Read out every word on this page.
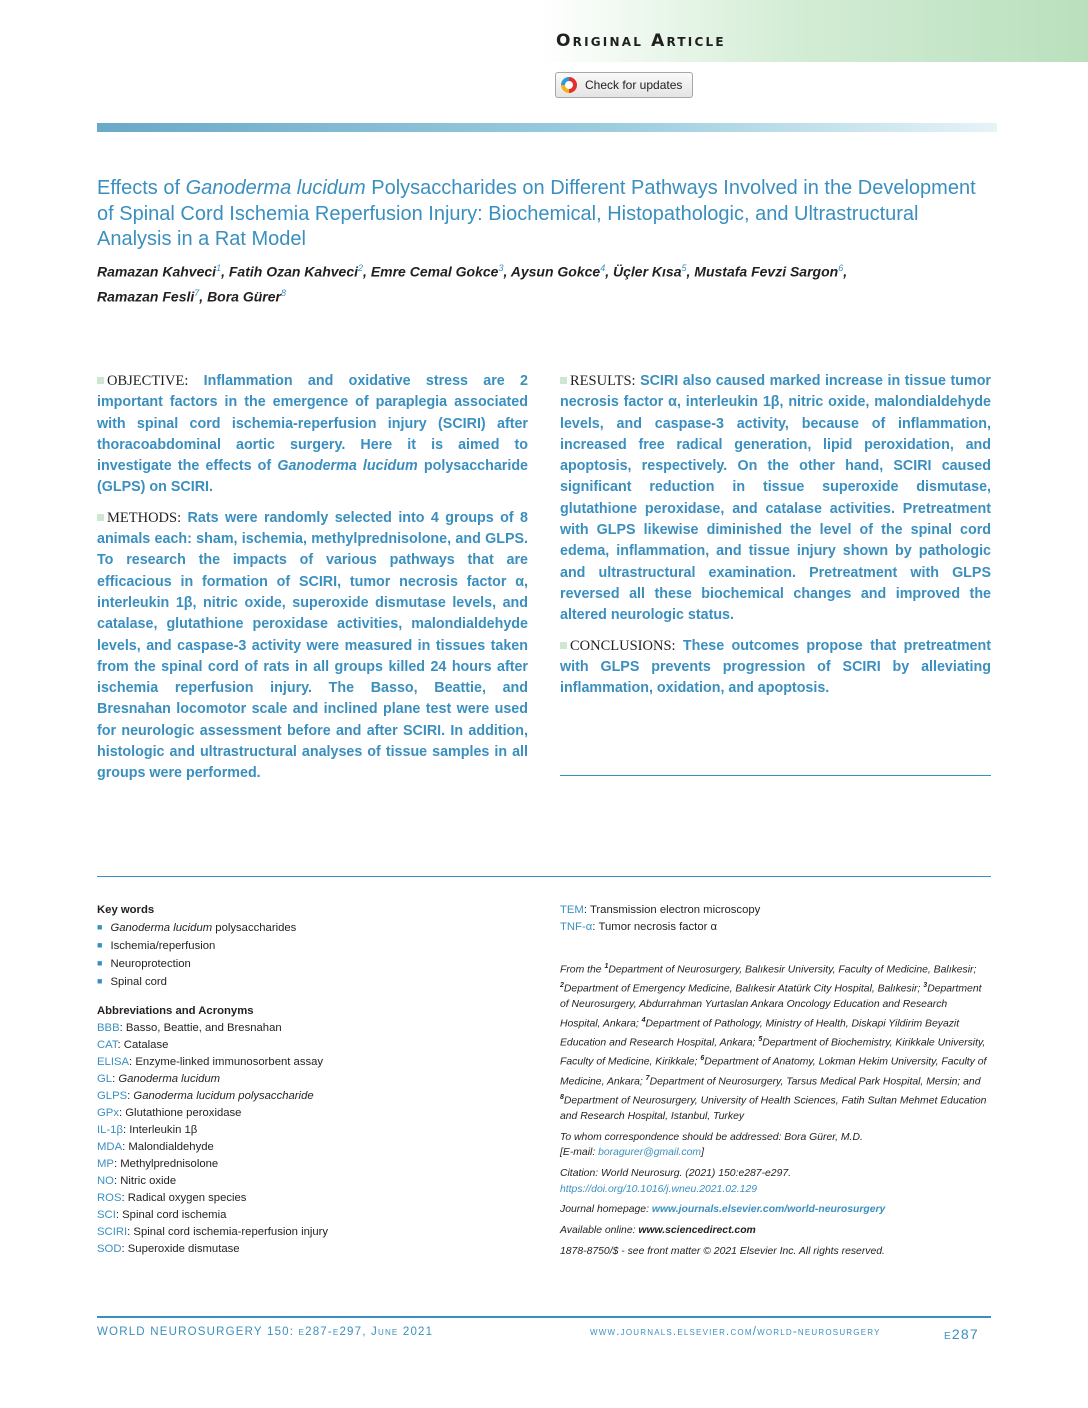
Original Article
Check for updates
Effects of Ganoderma lucidum Polysaccharides on Different Pathways Involved in the Development of Spinal Cord Ischemia Reperfusion Injury: Biochemical, Histopathologic, and Ultrastructural Analysis in a Rat Model
Ramazan Kahveci$^1$, Fatih Ozan Kahveci$^2$, Emre Cemal Gokce$^3$, Aysun Gokce$^4$, Üçler Kısa$^5$, Mustafa Fevzi Sargon$^6$,
Ramazan Fesli$^7$, Bora Gürer$^8$

OBJECTIVE: Inflammation and oxidative stress are 2 important factors in the emergence of paraplegia associated with spinal cord ischemia-reperfusion injury (SCIRI) after thoracoabdominal aortic surgery. Here it is aimed to investigate the effects of Ganoderma lucidum polysaccharide (GLPS) on SCIRI.

METHODS: Rats were randomly selected into 4 groups of 8 animals each: sham, ischemia, methylprednisolone, and GLPS. To research the impacts of various pathways that are efficacious in formation of SCIRI, tumor necrosis factor α, interleukin 1β, nitric oxide, superoxide dismutase levels, and catalase, glutathione peroxidase activities, malondialdehyde levels, and caspase-3 activity were measured in tissues taken from the spinal cord of rats in all groups killed 24 hours after ischemia reperfusion injury. The Basso, Beattie, and Bresnahan locomotor scale and inclined plane test were used for neurologic assessment before and after SCIRI. In addition, histologic and ultrastructural analyses of tissue samples in all groups were performed.

RESULTS: SCIRI also caused marked increase in tissue tumor necrosis factor α, interleukin 1β, nitric oxide, malondialdehyde levels, and caspase-3 activity, because of inflammation, increased free radical generation, lipid peroxidation, and apoptosis, respectively. On the other hand, SCIRI caused significant reduction in tissue superoxide dismutase, glutathione peroxidase, and catalase activities. Pretreatment with GLPS likewise diminished the level of the spinal cord edema, inflammation, and tissue injury shown by pathologic and ultrastructural examination. Pretreatment with GLPS reversed all these biochemical changes and improved the altered neurologic status.

CONCLUSIONS: These outcomes propose that pretreatment with GLPS prevents progression of SCIRI by alleviating inflammation, oxidation, and apoptosis.

Key words
■ Ganoderma lucidum polysaccharides
■ Ischemia/reperfusion
■ Neuroprotection
■ Spinal cord
Abbreviations and Acronyms
BBB: Basso, Beattie, and Bresnahan
CAT: Catalase
ELISA: Enzyme-linked immunosorbent assay
GL: Ganoderma lucidum
GLPS: Ganoderma lucidum polysaccharide
GPx: Glutathione peroxidase
IL-1β: Interleukin 1β
MDA: Malondialdehyde
MP: Methylprednisolone
NO: Nitric oxide
ROS: Radical oxygen species
SCI: Spinal cord ischemia
SCIRI: Spinal cord ischemia-reperfusion injury
SOD: Superoxide dismutase
TEM: Transmission electron microscopy
TNF-α: Tumor necrosis factor α

From the $^1$Department of Neurosurgery, Balıkesir University, Faculty of Medicine, Balıkesir; $^2$Department of Emergency Medicine, Balıkesir Atatürk City Hospital, Balıkesir; $^3$Department of Neurosurgery, Abdurrahman Yurtaslan Ankara Oncology Education and Research Hospital, Ankara; $^4$Department of Pathology, Ministry of Health, Diskapi Yildirim Beyazit Education and Research Hospital, Ankara; $^5$Department of Biochemistry, Kirikkale University, Faculty of Medicine, Kirikkale; $^6$Department of Anatomy, Lokman Hekim University, Faculty of Medicine, Ankara; $^7$Department of Neurosurgery, Tarsus Medical Park Hospital, Mersin; and $^8$Department of Neurosurgery, University of Health Sciences, Fatih Sultan Mehmet Education and Research Hospital, Istanbul, Turkey

To whom correspondence should be addressed: Bora Gürer, M.D.
[E-mail: boragurer@gmail.com]

Citation: World Neurosurg. (2021) 150:e287-e297.
https://doi.org/10.1016/j.wneu.2021.02.129

Journal homepage: www.journals.elsevier.com/world-neurosurgery

Available online: www.sciencedirect.com

1878-8750/$ - see front matter © 2021 Elsevier Inc. All rights reserved.

WORLD NEUROSURGERY 150: e287-e297, June 2021	www.journals.elsevier.com/world-neurosurgery	e287
